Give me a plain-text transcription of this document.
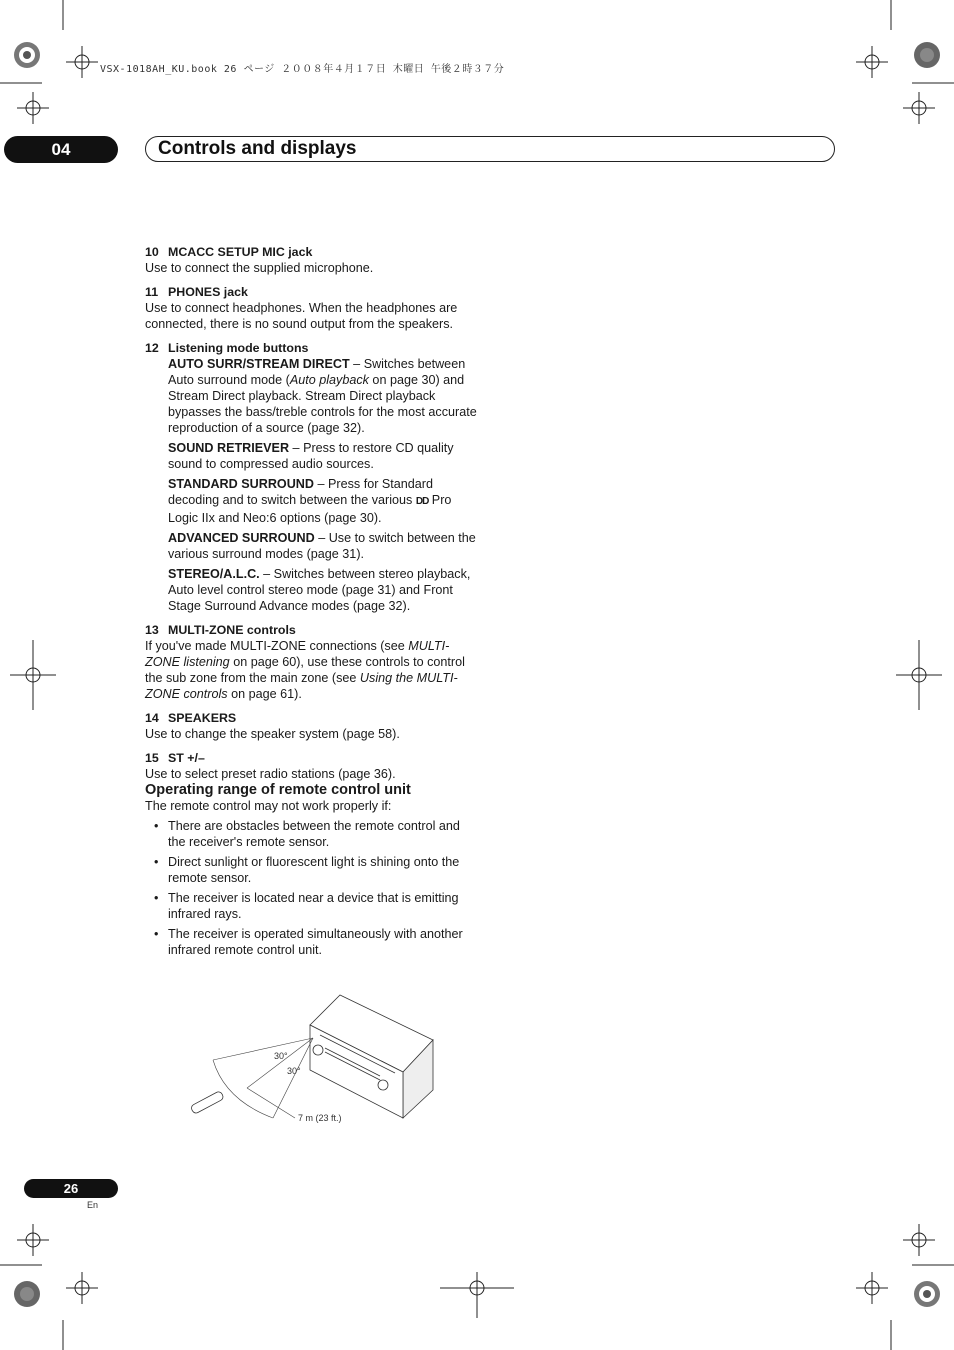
VSX-1018AH_KU.book 26 ページ ２００８年４月１７日 木曜日 午後２時３７分
04	Controls and displays

10 MCACC SETUP MIC jack

Use to connect the supplied microphone.

11 PHONES jack

Use to connect headphones. When the headphones are connected, there is no sound output from the speakers.

12 Listening mode buttons

AUTO SURR/STREAM DIRECT – Switches between Auto surround mode (Auto playback on page 30) and Stream Direct playback. Stream Direct playback bypasses the bass/treble controls for the most accurate reproduction of a source (page 32).

SOUND RETRIEVER – Press to restore CD quality sound to compressed audio sources.

STANDARD SURROUND – Press for Standard decoding and to switch between the various DD Pro Logic IIx and Neo:6 options (page 30).

ADVANCED SURROUND – Use to switch between the various surround modes (page 31).

STEREO/A.L.C. – Switches between stereo playback, Auto level control stereo mode (page 31) and Front Stage Surround Advance modes (page 32).

13 MULTI-ZONE controls

If you've made MULTI-ZONE connections (see MULTI-ZONE listening on page 60), use these controls to control the sub zone from the main zone (see Using the MULTI-ZONE controls on page 61).

14 SPEAKERS

Use to change the speaker system (page 58).

15 ST +/–

Use to select preset radio stations (page 36).

Operating range of remote control unit

The remote control may not work properly if:

• There are obstacles between the remote control and the receiver's remote sensor.
• Direct sunlight or fluorescent light is shining onto the remote sensor.
• The receiver is located near a device that is emitting infrared rays.
• The receiver is operated simultaneously with another infrared remote control unit.
30°
30°
7 m (23 ft.)
26
En
